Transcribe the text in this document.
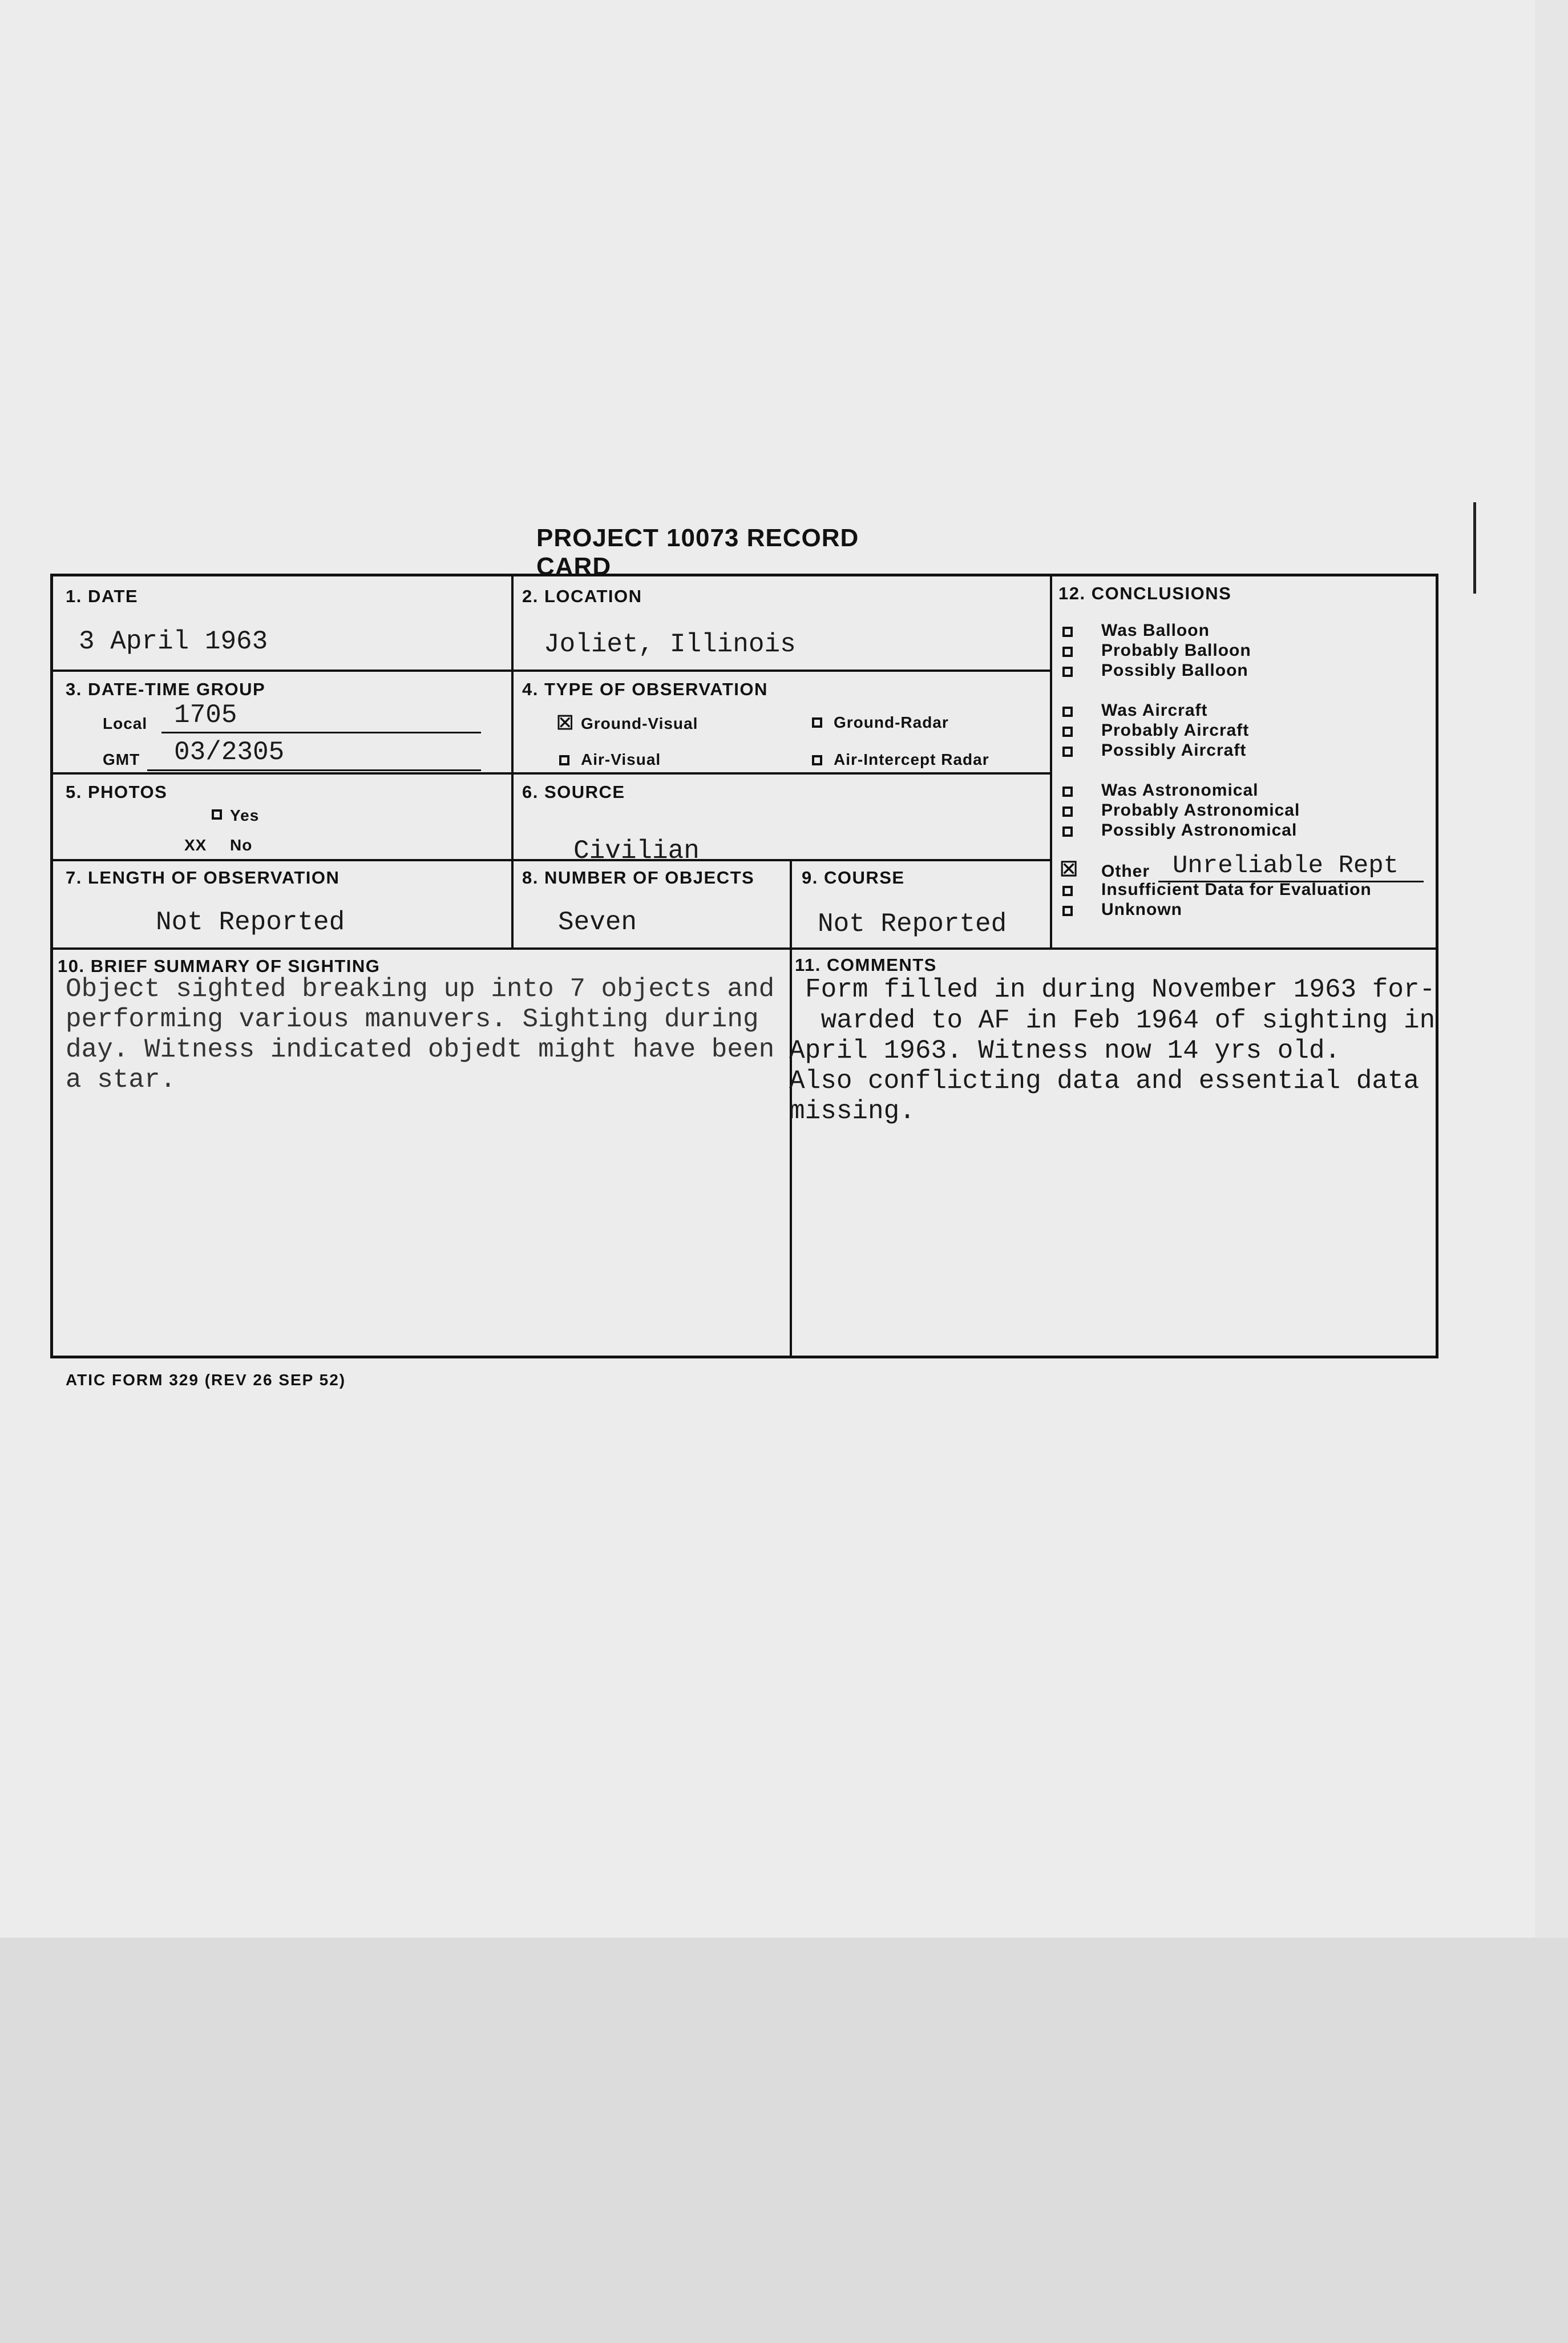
PROJECT 10073 RECORD CARD
1. DATE
3 April 1963
2. LOCATION
Joliet, Illinois
3. DATE-TIME GROUP
Local 1705
GMT 03/2305
4. TYPE OF OBSERVATION
☒ Ground-Visual	Ground-Radar
Air-Visual	Air-Intercept Radar
5. PHOTOS
Yes
XX No
6. SOURCE
Civilian
7. LENGTH OF OBSERVATION
Not Reported
8. NUMBER OF OBJECTS
Seven
9. COURSE
Not Reported
10. BRIEF SUMMARY OF SIGHTING
Object sighted breaking up into 7 objects and
performing various manuvers. Sighting during
day. Witness indicated objedt might have been
a star.
11. COMMENTS
Form filled in during November 1963 for-
warded to AF in Feb 1964 of sighting in
April 1963. Witness now 14 yrs old.
Also conflicting data and essential data
missing.
12. CONCLUSIONS
Was Balloon
Probably Balloon
Possibly Balloon
Was Aircraft
Probably Aircraft
Possibly Aircraft
Was Astronomical
Probably Astronomical
Possibly Astronomical
☒ Other Unreliable Rept
Insufficient Data for Evaluation
Unknown
ATIC FORM 329 (REV 26 SEP 52)
